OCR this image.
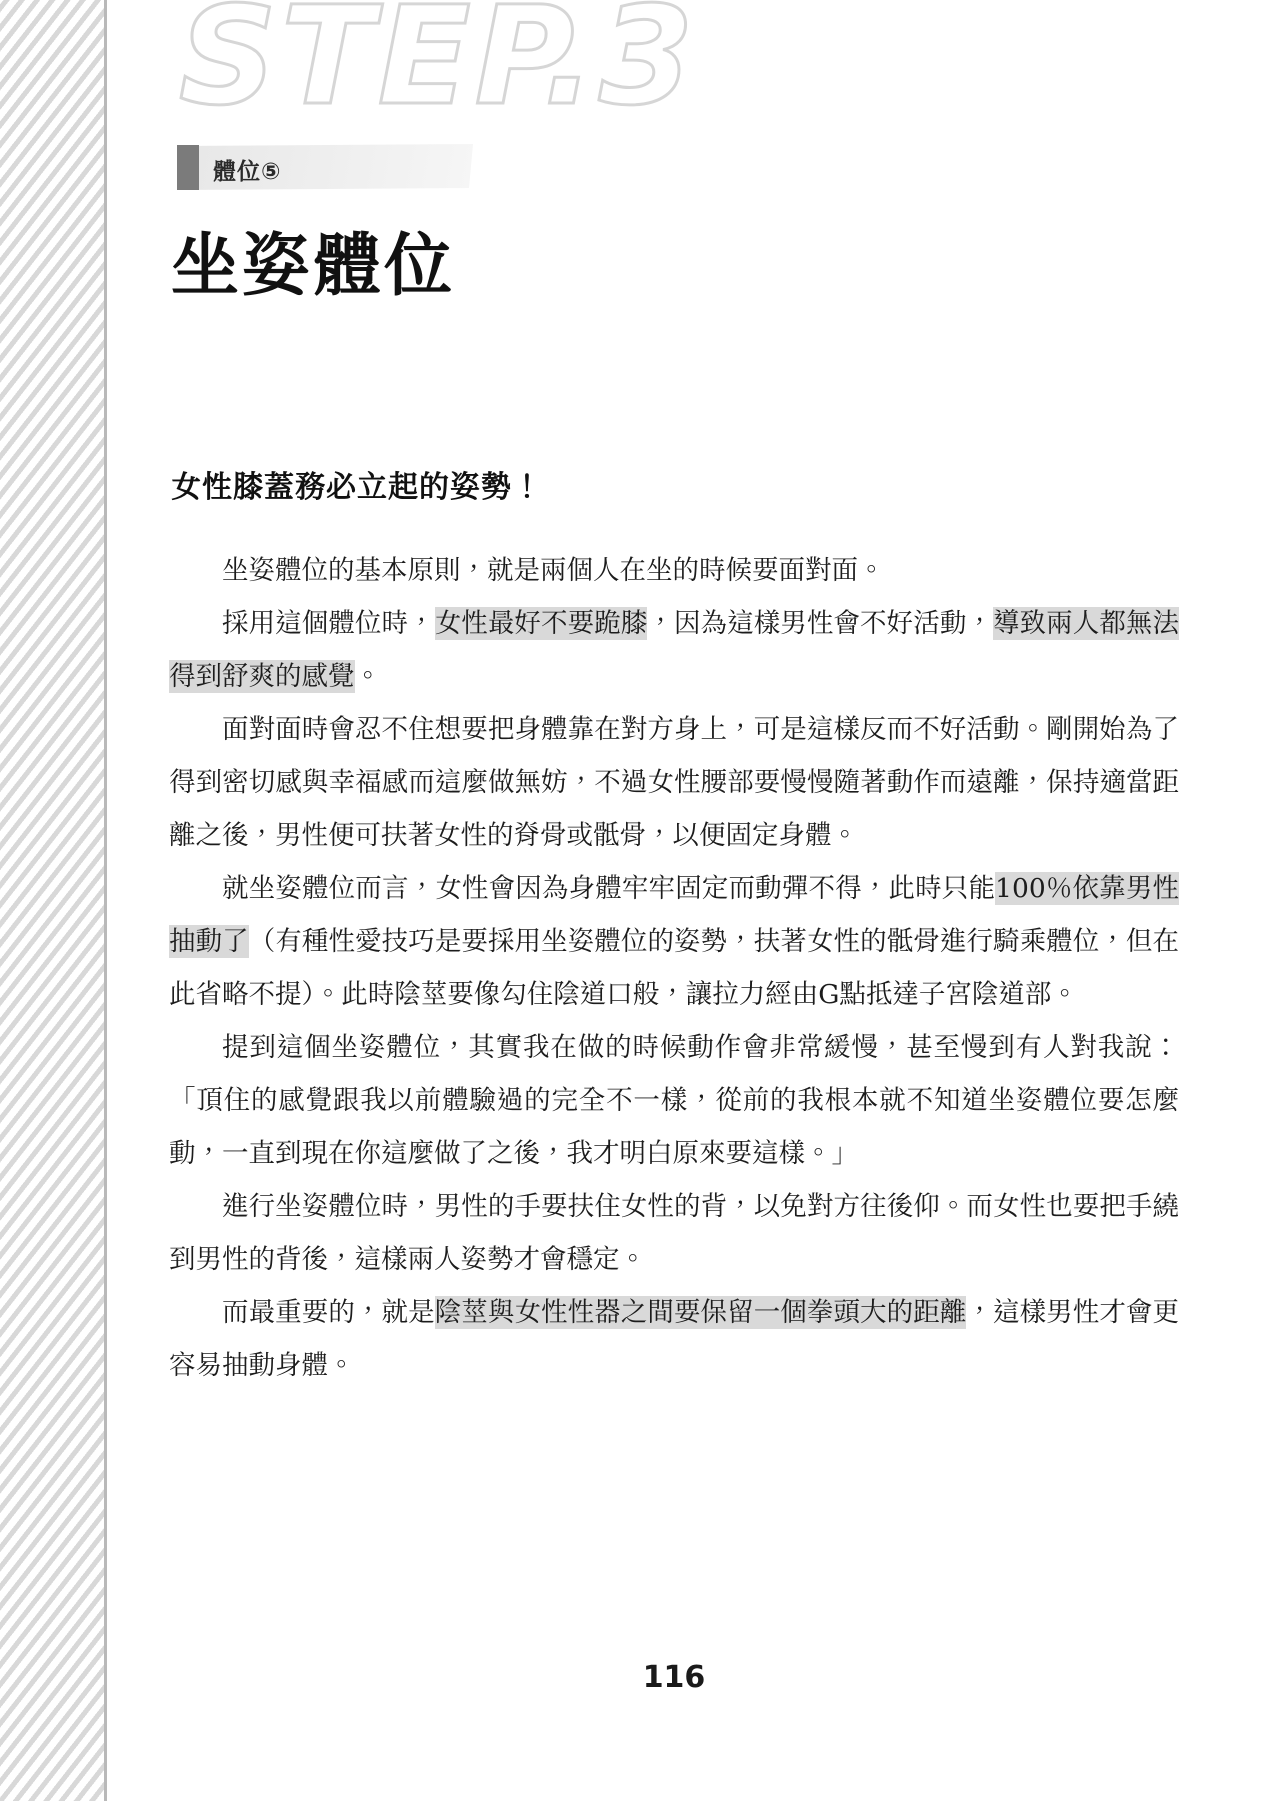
STEP.3
體位⑤
坐姿體位
女性膝蓋務必立起的姿勢！

坐姿體位的基本原則，就是兩個人在坐的時候要面對面。

採用這個體位時，女性最好不要跪膝，因為這樣男性會不好活動，導致兩人都無法得到舒爽的感覺。

面對面時會忍不住想要把身體靠在對方身上，可是這樣反而不好活動。剛開始為了得到密切感與幸福感而這麼做無妨，不過女性腰部要慢慢隨著動作而遠離，保持適當距離之後，男性便可扶著女性的脊骨或骶骨，以便固定身體。

就坐姿體位而言，女性會因為身體牢牢固定而動彈不得，此時只能100％依靠男性抽動了（有種性愛技巧是要採用坐姿體位的姿勢，扶著女性的骶骨進行騎乘體位，但在此省略不提）。此時陰莖要像勾住陰道口般，讓拉力經由G點抵達子宮陰道部。

提到這個坐姿體位，其實我在做的時候動作會非常緩慢，甚至慢到有人對我說：「頂住的感覺跟我以前體驗過的完全不一樣，從前的我根本就不知道坐姿體位要怎麼動，一直到現在你這麼做了之後，我才明白原來要這樣。」

進行坐姿體位時，男性的手要扶住女性的背，以免對方往後仰。而女性也要把手繞到男性的背後，這樣兩人姿勢才會穩定。

而最重要的，就是陰莖與女性性器之間要保留一個拳頭大的距離，這樣男性才會更容易抽動身體。

116
